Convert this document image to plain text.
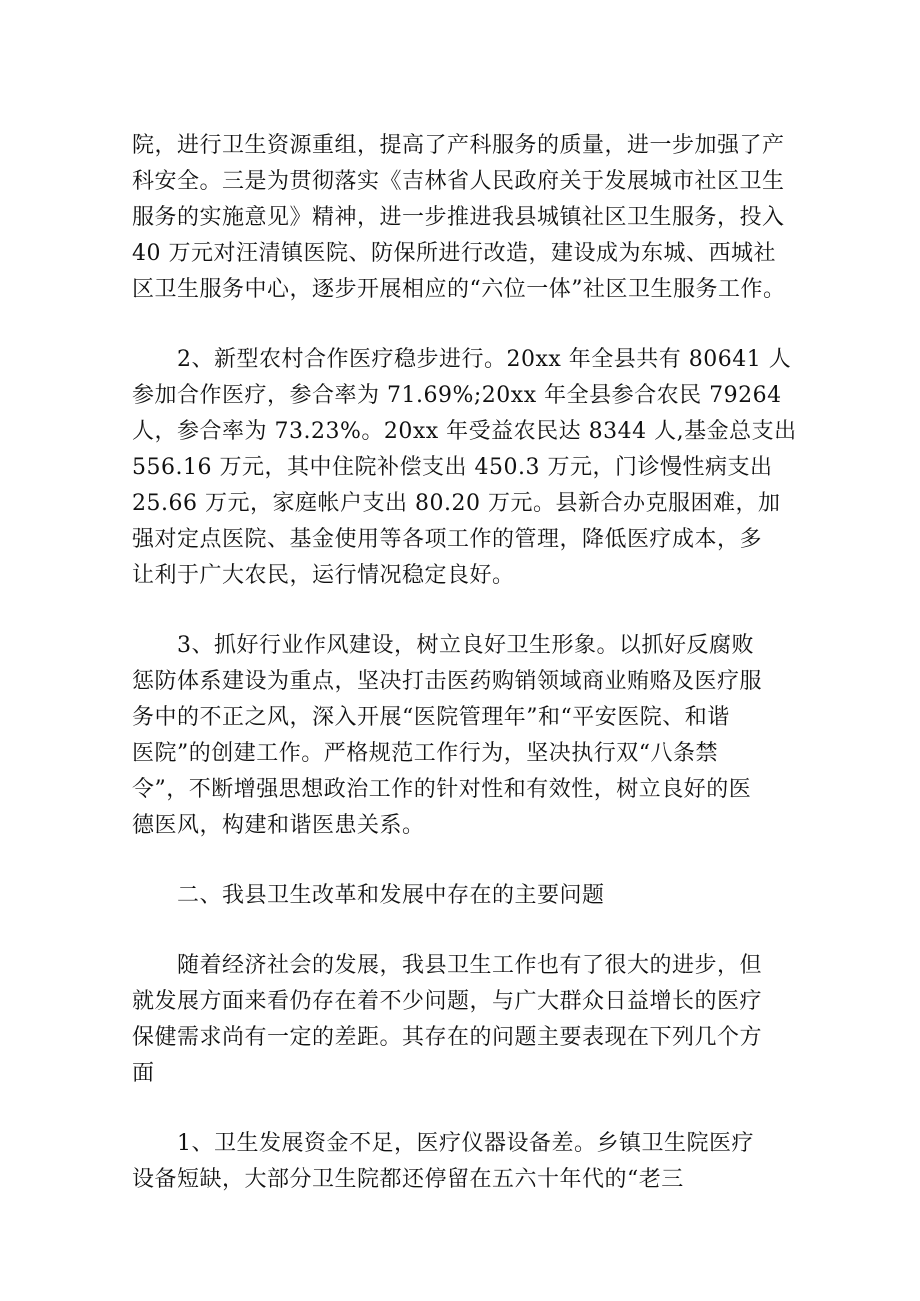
院，进行卫生资源重组，提高了产科服务的质量，进一步加强了产
科安全。三是为贯彻落实《吉林省人民政府关于发展城市社区卫生
服务的实施意见》精神，进一步推进我县城镇社区卫生服务，投入
40 万元对汪清镇医院、防保所进行改造，建设成为东城、西城社
区卫生服务中心，逐步开展相应的“六位一体”社区卫生服务工作。
　　2、新型农村合作医疗稳步进行。20xx 年全县共有 80641 人
参加合作医疗，参合率为 71.69%;20xx 年全县参合农民 79264
人，参合率为 73.23%。20xx 年受益农民达 8344 人,基金总支出
556.16 万元，其中住院补偿支出 450.3 万元，门诊慢性病支出
25.66 万元，家庭帐户支出 80.20 万元。县新合办克服困难，加
强对定点医院、基金使用等各项工作的管理，降低医疗成本，多
让利于广大农民，运行情况稳定良好。
　　3、抓好行业作风建设，树立良好卫生形象。以抓好反腐败
惩防体系建设为重点，坚决打击医药购销领域商业贿赂及医疗服
务中的不正之风，深入开展“医院管理年”和“平安医院、和谐
医院”的创建工作。严格规范工作行为，坚决执行双“八条禁
令”，不断增强思想政治工作的针对性和有效性，树立良好的医
德医风，构建和谐医患关系。
　　二、我县卫生改革和发展中存在的主要问题
　　随着经济社会的发展，我县卫生工作也有了很大的进步，但
就发展方面来看仍存在着不少问题，与广大群众日益增长的医疗
保健需求尚有一定的差距。其存在的问题主要表现在下列几个方
面
　　1、卫生发展资金不足，医疗仪器设备差。乡镇卫生院医疗
设备短缺，大部分卫生院都还停留在五六十年代的“老三
